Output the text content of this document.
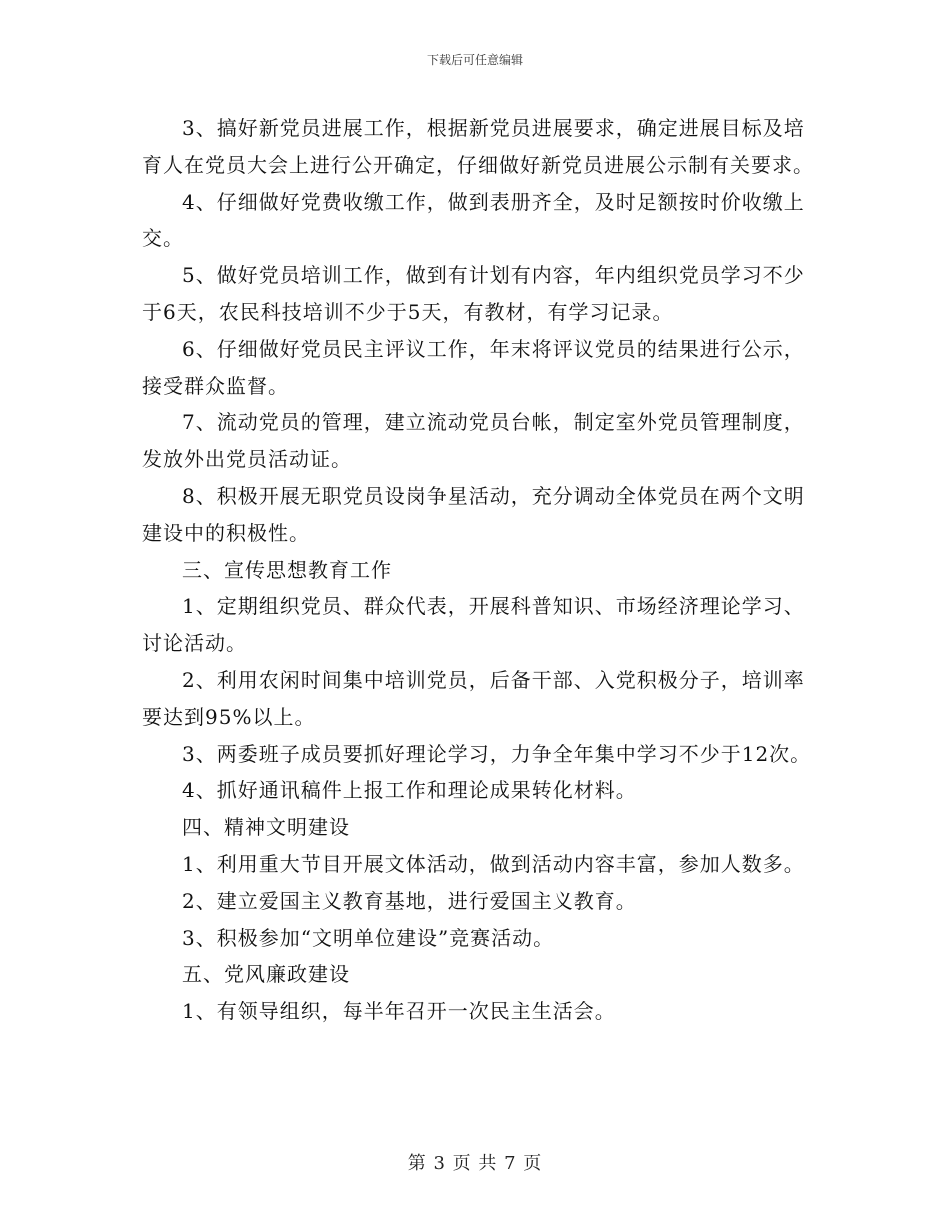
下载后可任意编辑

3、搞好新党员进展工作，根据新党员进展要求，确定进展目标及培育人在党员大会上进行公开确定，仔细做好新党员进展公示制有关要求。

4、仔细做好党费收缴工作，做到表册齐全，及时足额按时价收缴上交。

5、做好党员培训工作，做到有计划有内容，年内组织党员学习不少于6天，农民科技培训不少于5天，有教材，有学习记录。

6、仔细做好党员民主评议工作，年末将评议党员的结果进行公示，接受群众监督。

7、流动党员的管理，建立流动党员台帐，制定室外党员管理制度，发放外出党员活动证。

8、积极开展无职党员设岗争星活动，充分调动全体党员在两个文明建设中的积极性。

三、宣传思想教育工作

1、定期组织党员、群众代表，开展科普知识、市场经济理论学习、讨论活动。

2、利用农闲时间集中培训党员，后备干部、入党积极分子，培训率要达到95%以上。

3、两委班子成员要抓好理论学习，力争全年集中学习不少于12次。

4、抓好通讯稿件上报工作和理论成果转化材料。

四、精神文明建设

1、利用重大节目开展文体活动，做到活动内容丰富，参加人数多。

2、建立爱国主义教育基地，进行爱国主义教育。

3、积极参加“文明单位建设”竞赛活动。

五、党风廉政建设

1、有领导组织，每半年召开一次民主生活会。

第 3 页 共 7 页
